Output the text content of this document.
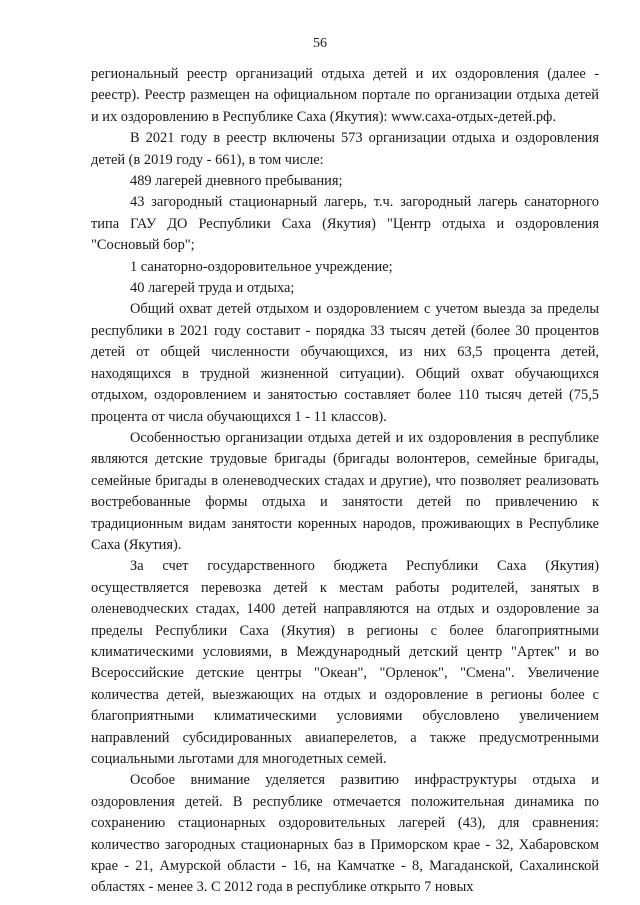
56

региональный реестр организаций отдыха детей и их оздоровления (далее - реестр). Реестр размещен на официальном портале по организации отдыха детей и их оздоровлению в Республике Саха (Якутия): www.саха-отдых-детей.рф.

В 2021 году в реестр включены 573 организации отдыха и оздоровления детей (в 2019 году - 661), в том числе:

489 лагерей дневного пребывания;

43 загородный стационарный лагерь, т.ч. загородный лагерь санаторного типа ГАУ ДО Республики Саха (Якутия) "Центр отдыха и оздоровления "Сосновый бор";

1 санаторно-оздоровительное учреждение;

40 лагерей труда и отдыха;

Общий охват детей отдыхом и оздоровлением с учетом выезда за пределы республики в 2021 году составит - порядка 33 тысяч детей (более 30 процентов детей от общей численности обучающихся, из них 63,5 процента детей, находящихся в трудной жизненной ситуации). Общий охват обучающихся отдыхом, оздоровлением и занятостью составляет более 110 тысяч детей (75,5 процента от числа обучающихся 1 - 11 классов).

Особенностью организации отдыха детей и их оздоровления в республике являются детские трудовые бригады (бригады волонтеров, семейные бригады, семейные бригады в оленеводческих стадах и другие), что позволяет реализовать востребованные формы отдыха и занятости детей по привлечению к традиционным видам занятости коренных народов, проживающих в Республике Саха (Якутия).

За счет государственного бюджета Республики Саха (Якутия) осуществляется перевозка детей к местам работы родителей, занятых в оленеводческих стадах, 1400 детей направляются на отдых и оздоровление за пределы Республики Саха (Якутия) в регионы с более благоприятными климатическими условиями, в Международный детский центр "Артек" и во Всероссийские детские центры "Океан", "Орленок", "Смена". Увеличение количества детей, выезжающих на отдых и оздоровление в регионы более с благоприятными климатическими условиями обусловлено увеличением направлений субсидированных авиаперелетов, а также предусмотренными социальными льготами для многодетных семей.

Особое внимание уделяется развитию инфраструктуры отдыха и оздоровления детей. В республике отмечается положительная динамика по сохранению стационарных оздоровительных лагерей (43), для сравнения: количество загородных стационарных баз в Приморском крае - 32, Хабаровском крае - 21, Амурской области - 16, на Камчатке - 8, Магаданской, Сахалинской областях - менее 3. С 2012 года в республике открыто 7 новых
